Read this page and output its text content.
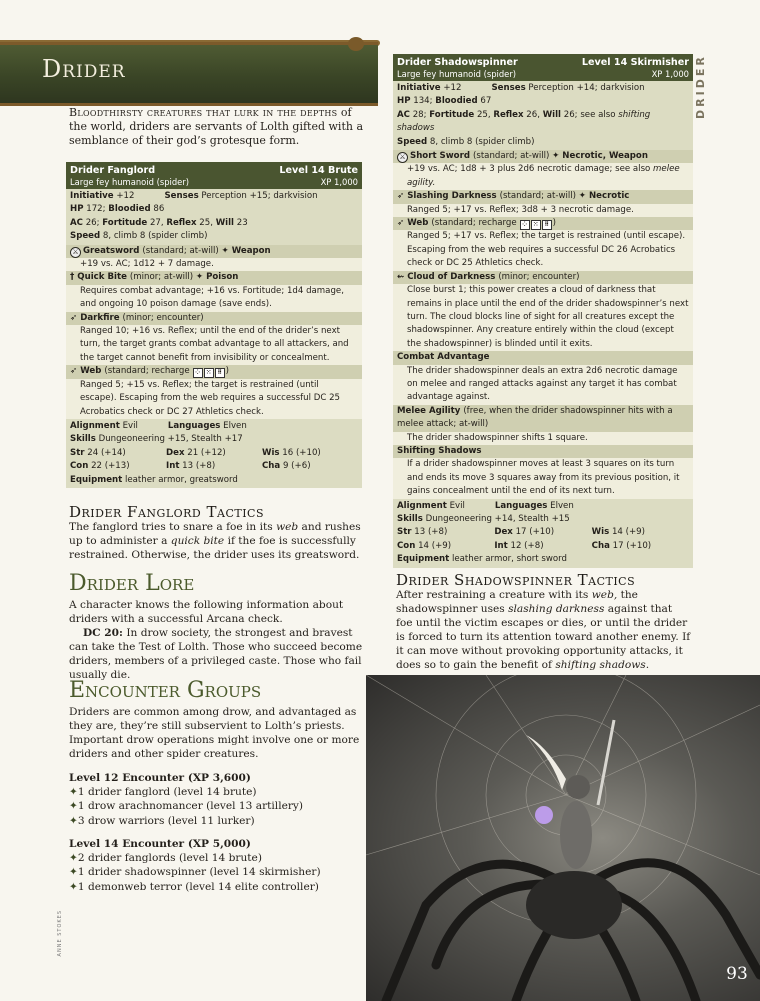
Drider	DRIDER
Bloodthirsty creatures that lurk in the depths of the world, driders are servants of Lolth gifted with a semblance of their god’s grotesque form.
Drider Fanglord	Level 14 Brute
Large fey humanoid (spider)	XP 1,000
Initiative +12	Senses Perception +15; darkvision
HP 172; Bloodied 86
AC 26; Fortitude 27, Reflex 25, Will 23
Speed 8, climb 8 (spider climb)
⚔ Greatsword (standard; at-will) ✦ Weapon
+19 vs. AC; 1d12 + 7 damage.
† Quick Bite (minor; at-will) ✦ Poison
Requires combat advantage; +16 vs. Fortitude; 1d4 damage, and ongoing 10 poison damage (save ends).
➶ Darkfire (minor; encounter)
Ranged 10; +16 vs. Reflex; until the end of the drider’s next turn, the target grants combat advantage to all attackers, and the target cannot benefit from invisibility or concealment.
➶ Web (standard; recharge ⁘ ⁙ ⠿ )
Ranged 5; +15 vs. Reflex; the target is restrained (until escape). Escaping from the web requires a successful DC 25 Acrobatics check or DC 27 Athletics check.
Alignment Evil	Languages Elven
Skills Dungeoneering +15, Stealth +17
Str 24 (+14)	Dex 21 (+12)	Wis 16 (+10)
Con 22 (+13)	Int 13 (+8)	Cha 9 (+6)
Equipment leather armor, greatsword
Drider Fanglord Tactics
The fanglord tries to snare a foe in its web and rushes up to administer a quick bite if the foe is successfully restrained. Otherwise, the drider uses its greatsword.
Drider Lore

A character knows the following information about driders with a successful Arcana check.

DC 20: In drow society, the strongest and bravest can take the Test of Lolth. Those who succeed become driders, members of a privileged caste. Those who fail usually die.

Encounter Groups
Driders are common among drow, and advantaged as they are, they’re still subservient to Lolth’s priests. Important drow operations might involve one or more driders and other spider creatures.
Level 12 Encounter (XP 3,600)
✦ 1 drider fanglord (level 14 brute)
✦ 1 drow arachnomancer (level 13 artillery)
✦ 3 drow warriors (level 11 lurker)
Level 14 Encounter (XP 5,000)
✦ 2 drider fanglords (level 14 brute)
✦ 1 drider shadowspinner (level 14 skirmisher)
✦ 1 demonweb terror (level 14 elite controller)
Drider Shadowspinner	Level 14 Skirmisher
Large fey humanoid (spider)	XP 1,000
Initiative +12	Senses Perception +14; darkvision
HP 134; Bloodied 67
AC 28; Fortitude 25, Reflex 26, Will 26; see also shifting shadows
Speed 8, climb 8 (spider climb)
⚔ Short Sword (standard; at-will) ✦ Necrotic, Weapon
+19 vs. AC; 1d8 + 3 plus 2d6 necrotic damage; see also melee agility.
➶ Slashing Darkness (standard; at-will) ✦ Necrotic
Ranged 5; +17 vs. Reflex; 3d8 + 3 necrotic damage.
➶ Web (standard; recharge ⁘ ⁙ ⠿ )
Ranged 5; +17 vs. Reflex; the target is restrained (until escape). Escaping from the web requires a successful DC 26 Acrobatics check or DC 25 Athletics check.
⇜ Cloud of Darkness (minor; encounter)
Close burst 1; this power creates a cloud of darkness that remains in place until the end of the drider shadowspinner’s next turn. The cloud blocks line of sight for all creatures except the shadowspinner. Any creature entirely within the cloud (except the shadowspinner) is blinded until it exits.
Combat Advantage
The drider shadowspinner deals an extra 2d6 necrotic damage on melee and ranged attacks against any target it has combat advantage against.
Melee Agility (free, when the drider shadowspinner hits with a melee attack; at-will)
The drider shadowspinner shifts 1 square.
Shifting Shadows
If a drider shadowspinner moves at least 3 squares on its turn and ends its move 3 squares away from its previous position, it gains concealment until the end of its next turn.
Alignment Evil	Languages Elven
Skills Dungeoneering +14, Stealth +15
Str 13 (+8)	Dex 17 (+10)	Wis 14 (+9)
Con 14 (+9)	Int 12 (+8)	Cha 17 (+10)
Equipment leather armor, short sword
Drider Shadowspinner Tactics
After restraining a creature with its web, the shadowspinner uses slashing darkness against that foe until the victim escapes or dies, or until the drider is forced to turn its attention toward another enemy. If it can move without provoking opportunity attacks, it does so to gain the benefit of shifting shadows.
93
ANNE STOKES
